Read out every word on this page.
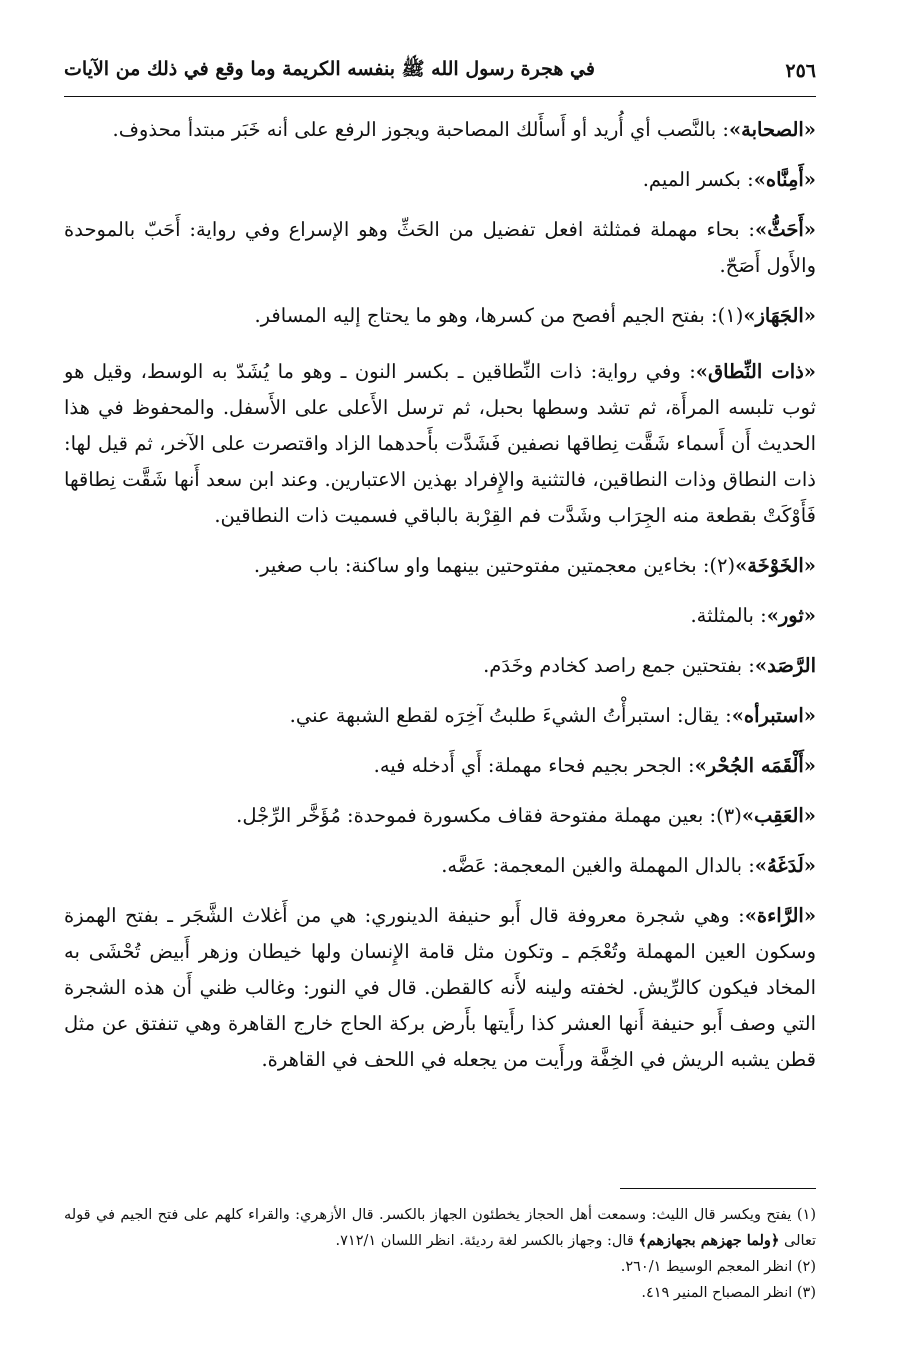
٢٥٦
في هجرة رسول الله ﷺ بنفسه الكريمة وما وقع في ذلك من الآيات

«الصحابة»: بالنَّصب أي أُريد أو أَسأَلك المصاحبة ويجوز الرفع على أنه خَبَر مبتدأ محذوف.

«أَمِنَّاه»: بكسر الميم.

«أَحَثُّ»: بحاء مهملة فمثلثة افعل تفضيل من الحَثِّ وهو الإسراع وفي رواية: أَحَبّ بالموحدة والأَول أَصَحّ.

«الجَهَاز»(١): بفتح الجيم أفصح من كسرها، وهو ما يحتاج إليه المسافر.

«ذات النِّطاق»: وفي رواية: ذات النِّطاقين ـ بكسر النون ـ وهو ما يُشَدّ به الوسط، وقيل هو ثوب تلبسه المرأَة، ثم تشد وسطها بحبل، ثم ترسل الأَعلى على الأَسفل. والمحفوظ في هذا الحديث أَن أَسماء شَقَّت نِطاقها نصفين فَشَدَّت بأَحدهما الزاد واقتصرت على الآخر، ثم قيل لها: ذات النطاق وذات النطاقين، فالتثنية والإِفراد بهذين الاعتبارين. وعند ابن سعد أَنها شَقَّت نِطاقها فَأَوْكَتْ بقطعة منه الجِرَاب وشَدَّت فم القِرْبة بالباقي فسميت ذات النطاقين.

«الخَوْخَة»(٢): بخاءين معجمتين مفتوحتين بينهما واو ساكنة: باب صغير.

«ثور»: بالمثلثة.

الرَّصَد»: بفتحتين جمع راصد كخادم وخَدَم.

«استبرأه»: يقال: استبرأْتُ الشيءَ طلبتُ آخِرَه لقطع الشبهة عني.

«أَلْقَمَه الجُحْر»: الجحر بجيم فحاء مهملة: أَي أَدخله فيه.

«العَقِب»(٣): بعين مهملة مفتوحة فقاف مكسورة فموحدة: مُؤَخَّر الرِّجْل.

«لَدَغَهُ»: بالدال المهملة والغين المعجمة: عَضَّه.

«الرَّاءة»: وهي شجرة معروفة قال أَبو حنيفة الدينوري: هي من أَغلاث الشَّجَر ـ بفتح الهمزة وسكون العين المهملة وتُعْجَم ـ وتكون مثل قامة الإِنسان ولها خيطان وزهر أَبيض تُحْشَى به المخاد فيكون كالرِّيش. لخفته ولينه لأَنه كالقطن. قال في النور: وغالب ظني أَن هذه الشجرة التي وصف أَبو حنيفة أَنها العشر كذا رأَيتها بأَرض بركة الحاج خارج القاهرة وهي تنفتق عن مثل قطن يشبه الريش في الخِفَّة ورأَيت من يجعله في اللحف في القاهرة.

(١) يفتح ويكسر قال الليث: وسمعت أهل الحجاز يخطئون الجهاز بالكسر. قال الأزهري: والقراء كلهم على فتح الجيم في قوله تعالى ﴿ولما جهزهم بجهازهم﴾ قال: وجهاز بالكسر لغة رديئة. انظر اللسان ٧١٢/١.

(٢) انظر المعجم الوسيط ٢٦٠/١.

(٣) انظر المصباح المنير ٤١٩.
